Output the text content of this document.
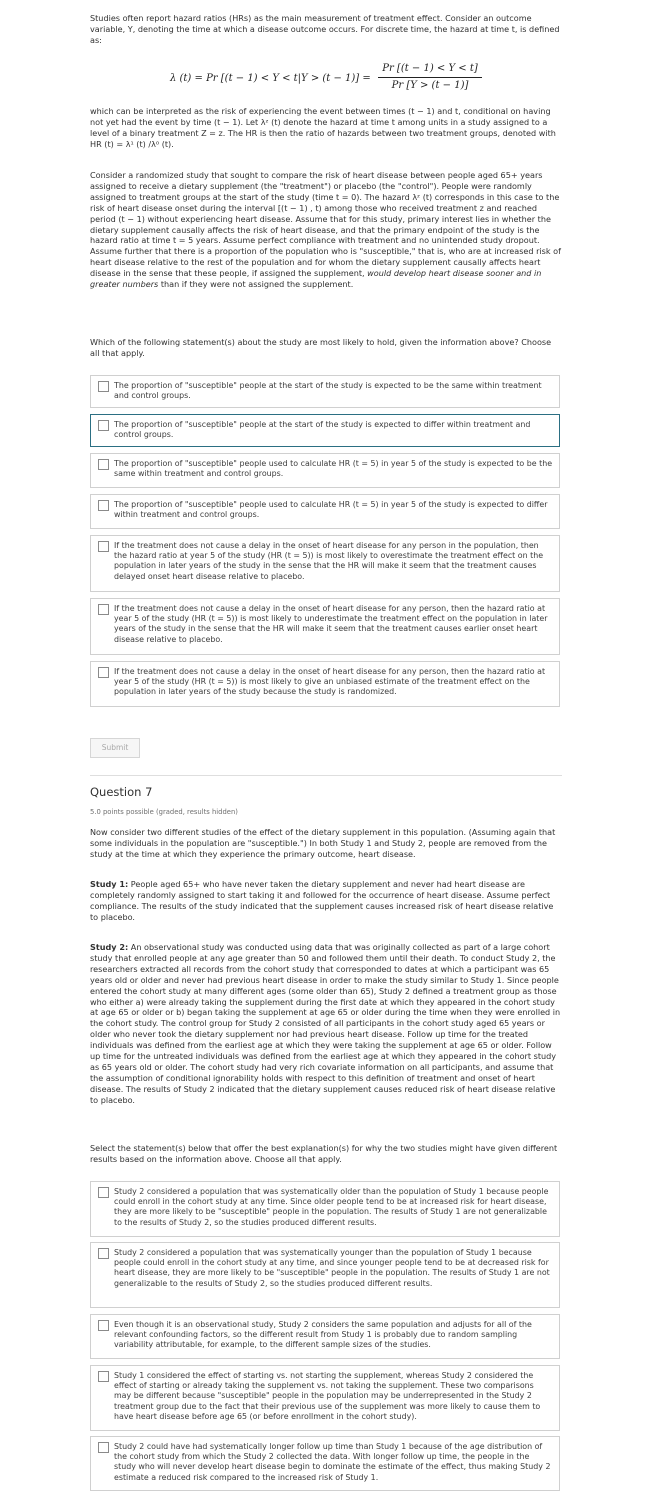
Studies often report hazard ratios (HRs) as the main measurement of treatment effect. Consider an outcome variable, Y, denoting the time at which a disease outcome occurs. For discrete time, the hazard at time t, is defined as:

λ (t) = Pr [(t − 1) < Y < t|Y > (t − 1)] =
Pr [(t − 1) < Y < t]
Pr [Y > (t − 1)]

which can be interpreted as the risk of experiencing the event between times (t − 1) and t, conditional on having not yet had the event by time (t − 1). Let λᶻ (t) denote the hazard at time t among units in a study assigned to a level of a binary treatment Z = z. The HR is then the ratio of hazards between two treatment groups, denoted with HR (t) = λ¹ (t) /λ⁰ (t).

Consider a randomized study that sought to compare the risk of heart disease between people aged 65+ years assigned to receive a dietary supplement (the "treatment") or placebo (the "control"). People were randomly assigned to treatment groups at the start of the study (time t = 0). The hazard λᶻ (t) corresponds in this case to the risk of heart disease onset during the interval [(t − 1) , t) among those who received treatment z and reached period (t − 1) without experiencing heart disease. Assume that for this study, primary interest lies in whether the dietary supplement causally affects the risk of heart disease, and that the primary endpoint of the study is the hazard ratio at time t = 5 years. Assume perfect compliance with treatment and no unintended study dropout. Assume further that there is a proportion of the population who is "susceptible," that is, who are at increased risk of heart disease relative to the rest of the population and for whom the dietary supplement causally affects heart disease in the sense that these people, if assigned the supplement, would develop heart disease sooner and in greater numbers than if they were not assigned the supplement.

Which of the following statement(s) about the study are most likely to hold, given the information above? Choose all that apply.

The proportion of "susceptible" people at the start of the study is expected to be the same within treatment and control groups.
The proportion of "susceptible" people at the start of the study is expected to differ within treatment and control groups.
The proportion of "susceptible" people used to calculate HR (t = 5) in year 5 of the study is expected to be the same within treatment and control groups.
The proportion of "susceptible" people used to calculate HR (t = 5) in year 5 of the study is expected to differ within treatment and control groups.
If the treatment does not cause a delay in the onset of heart disease for any person in the population, then the hazard ratio at year 5 of the study (HR (t = 5)) is most likely to overestimate the treatment effect on the population in later years of the study in the sense that the HR will make it seem that the treatment causes delayed onset heart disease relative to placebo.
If the treatment does not cause a delay in the onset of heart disease for any person, then the hazard ratio at year 5 of the study (HR (t = 5)) is most likely to underestimate the treatment effect on the population in later years of the study in the sense that the HR will make it seem that the treatment causes earlier onset heart disease relative to placebo.
If the treatment does not cause a delay in the onset of heart disease for any person, then the hazard ratio at year 5 of the study (HR (t = 5)) is most likely to give an unbiased estimate of the treatment effect on the population in later years of the study because the study is randomized.
Submit
Question 7
5.0 points possible (graded, results hidden)

Now consider two different studies of the effect of the dietary supplement in this population. (Assuming again that some individuals in the population are "susceptible.") In both Study 1 and Study 2, people are removed from the study at the time at which they experience the primary outcome, heart disease.

Study 1: People aged 65+ who have never taken the dietary supplement and never had heart disease are completely randomly assigned to start taking it and followed for the occurrence of heart disease. Assume perfect compliance. The results of the study indicated that the supplement causes increased risk of heart disease relative to placebo.

Study 2: An observational study was conducted using data that was originally collected as part of a large cohort study that enrolled people at any age greater than 50 and followed them until their death. To conduct Study 2, the researchers extracted all records from the cohort study that corresponded to dates at which a participant was 65 years old or older and never had previous heart disease in order to make the study similar to Study 1. Since people entered the cohort study at many different ages (some older than 65), Study 2 defined a treatment group as those who either a) were already taking the supplement during the first date at which they appeared in the cohort study at age 65 or older or b) began taking the supplement at age 65 or older during the time when they were enrolled in the cohort study. The control group for Study 2 consisted of all participants in the cohort study aged 65 years or older who never took the dietary supplement nor had previous heart disease. Follow up time for the treated individuals was defined from the earliest age at which they were taking the supplement at age 65 or older. Follow up time for the untreated individuals was defined from the earliest age at which they appeared in the cohort study as 65 years old or older. The cohort study had very rich covariate information on all participants, and assume that the assumption of conditional ignorability holds with respect to this definition of treatment and onset of heart disease. The results of Study 2 indicated that the dietary supplement causes reduced risk of heart disease relative to placebo.

Select the statement(s) below that offer the best explanation(s) for why the two studies might have given different results based on the information above. Choose all that apply.

Study 2 considered a population that was systematically older than the population of Study 1 because people could enroll in the cohort study at any time. Since older people tend to be at increased risk for heart disease, they are more likely to be "susceptible" people in the population. The results of Study 1 are not generalizable to the results of Study 2, so the studies produced different results.
Study 2 considered a population that was systematically younger than the population of Study 1 because people could enroll in the cohort study at any time, and since younger people tend to be at decreased risk for heart disease, they are more likely to be "susceptible" people in the population. The results of Study 1 are not generalizable to the results of Study 2, so the studies produced different results.
Even though it is an observational study, Study 2 considers the same population and adjusts for all of the relevant confounding factors, so the different result from Study 1 is probably due to random sampling variability attributable, for example, to the different sample sizes of the studies.
Study 1 considered the effect of starting vs. not starting the supplement, whereas Study 2 considered the effect of starting or already taking the supplement vs. not taking the supplement. These two comparisons may be different because "susceptible" people in the population may be underrepresented in the Study 2 treatment group due to the fact that their previous use of the supplement was more likely to cause them to have heart disease before age 65 (or before enrollment in the cohort study).
Study 2 could have had systematically longer follow up time than Study 1 because of the age distribution of the cohort study from which the Study 2 collected the data. With longer follow up time, the people in the study who will never develop heart disease begin to dominate the estimate of the effect, thus making Study 2 estimate a reduced risk compared to the increased risk of Study 1.
